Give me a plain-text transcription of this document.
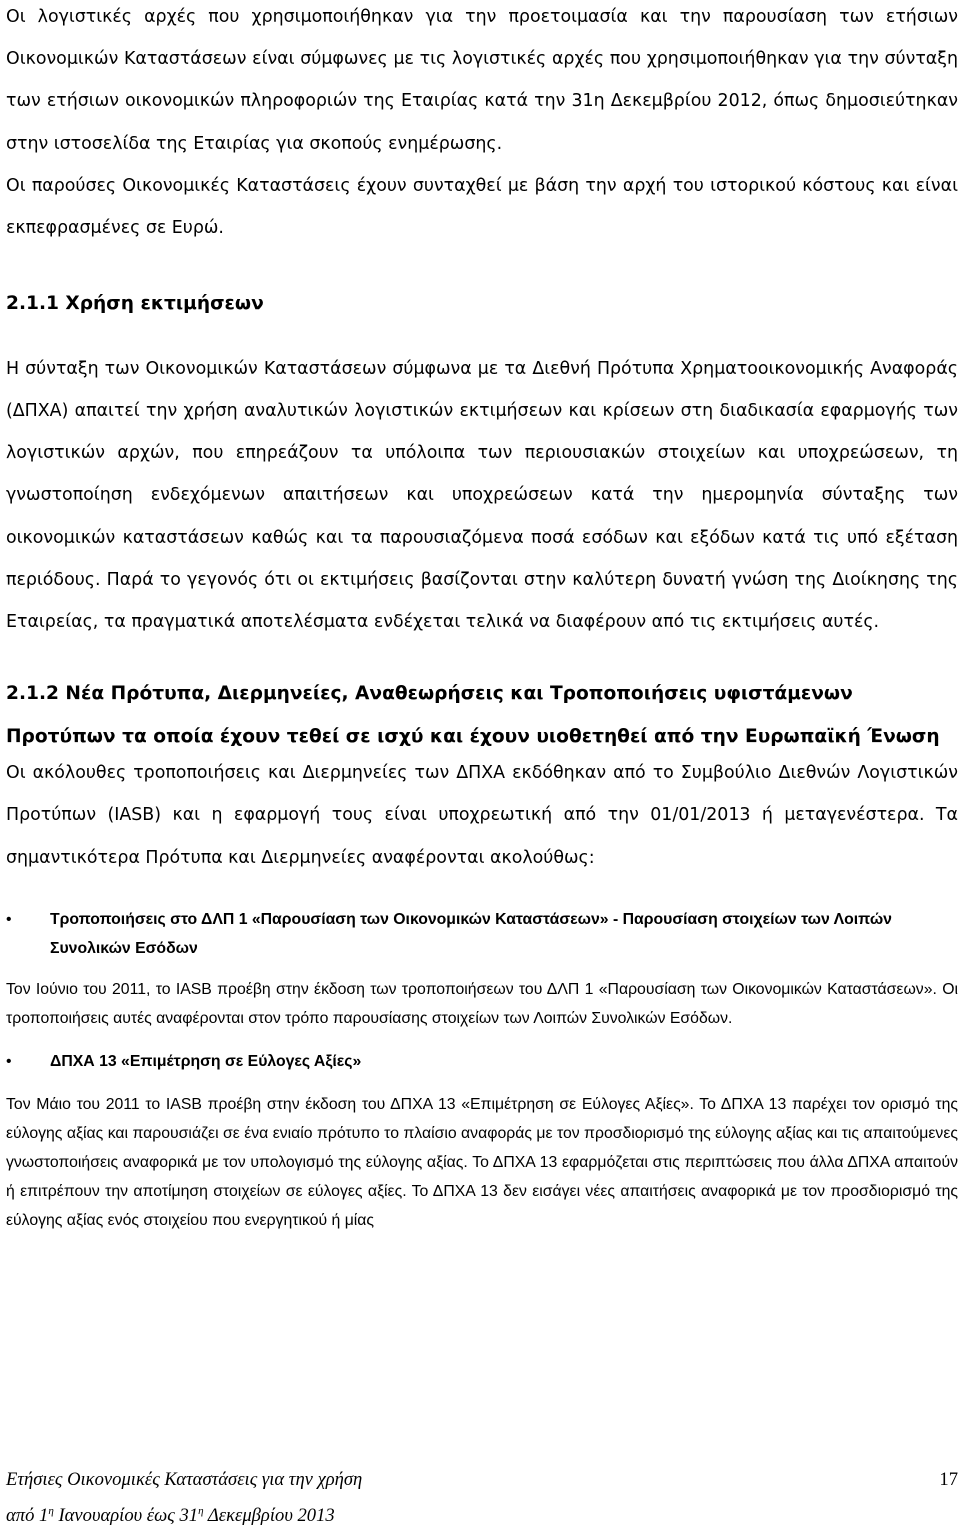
Οι λογιστικές αρχές που χρησιμοποιήθηκαν για την προετοιμασία και την παρουσίαση των ετήσιων Οικονομικών Καταστάσεων είναι σύμφωνες με τις λογιστικές αρχές που χρησιμοποιήθηκαν για την σύνταξη των ετήσιων οικονομικών πληροφοριών της Εταιρίας κατά την 31η Δεκεμβρίου 2012, όπως δημοσιεύτηκαν στην ιστοσελίδα της Εταιρίας για σκοπούς ενημέρωσης.

Οι παρούσες Οικονομικές Καταστάσεις έχουν συνταχθεί με βάση την αρχή του ιστορικού κόστους και είναι εκπεφρασμένες σε Ευρώ.

2.1.1 Χρήση εκτιμήσεων

Η σύνταξη των Οικονομικών Καταστάσεων σύμφωνα με τα Διεθνή Πρότυπα Χρηματοοικονομικής Αναφοράς (ΔΠΧΑ) απαιτεί την χρήση αναλυτικών λογιστικών εκτιμήσεων και κρίσεων στη διαδικασία εφαρμογής των λογιστικών αρχών, που επηρεάζουν τα υπόλοιπα των περιουσιακών στοιχείων και υποχρεώσεων, τη γνωστοποίηση ενδεχόμενων απαιτήσεων και υποχρεώσεων κατά την ημερομηνία σύνταξης των οικονομικών καταστάσεων καθώς και τα παρουσιαζόμενα ποσά εσόδων και εξόδων κατά τις υπό εξέταση περιόδους. Παρά το γεγονός ότι οι εκτιμήσεις βασίζονται στην καλύτερη δυνατή γνώση της Διοίκησης της Εταιρείας, τα πραγματικά αποτελέσματα ενδέχεται τελικά να διαφέρουν από τις εκτιμήσεις αυτές.

2.1.2 Νέα Πρότυπα, Διερμηνείες, Αναθεωρήσεις και Τροποποιήσεις υφιστάμενων Προτύπων τα οποία έχουν τεθεί σε ισχύ και έχουν υιοθετηθεί από την Ευρωπαϊκή Ένωση

Οι ακόλουθες τροποποιήσεις και Διερμηνείες των ΔΠΧΑ εκδόθηκαν από το Συμβούλιο Διεθνών Λογιστικών Προτύπων (IASB) και η εφαρμογή τους είναι υποχρεωτική από την 01/01/2013 ή μεταγενέστερα. Τα σημαντικότερα Πρότυπα και Διερμηνείες αναφέρονται ακολούθως:

• Τροποποιήσεις στο ΔΛΠ 1 «Παρουσίαση των Οικονομικών Καταστάσεων» - Παρουσίαση στοιχείων των Λοιπών Συνολικών Εσόδων

Τον Ιούνιο του 2011, το IASB προέβη στην έκδοση των τροποποιήσεων του ΔΛΠ 1 «Παρουσίαση των Οικονομικών Καταστάσεων». Οι τροποποιήσεις αυτές αναφέρονται στον τρόπο παρουσίασης στοιχείων των Λοιπών Συνολικών Εσόδων.

• ΔΠΧΑ 13 «Επιμέτρηση σε Εύλογες Αξίες»

Τον Μάιο του 2011 το IASB προέβη στην έκδοση του ΔΠΧΑ 13 «Επιμέτρηση σε Εύλογες Αξίες». Το ΔΠΧΑ 13 παρέχει τον ορισμό της εύλογης αξίας και παρουσιάζει σε ένα ενιαίο πρότυπο το πλαίσιο αναφοράς με τον προσδιορισμό της εύλογης αξίας και τις απαιτούμενες γνωστοποιήσεις αναφορικά με τον υπολογισμό της εύλογης αξίας. Το ΔΠΧΑ 13 εφαρμόζεται στις περιπτώσεις που άλλα ΔΠΧΑ απαιτούν ή επιτρέπουν την αποτίμηση στοιχείων σε εύλογες αξίες. Το ΔΠΧΑ 13 δεν εισάγει νέες απαιτήσεις αναφορικά με τον προσδιορισμό της εύλογης αξίας ενός στοιχείου που ενεργητικού ή μίας

Ετήσιες Οικονομικές Καταστάσεις για την χρήση	17
από $1^\eta$ Ιανουαρίου έως $31^\eta$ Δεκεμβρίου 2013
